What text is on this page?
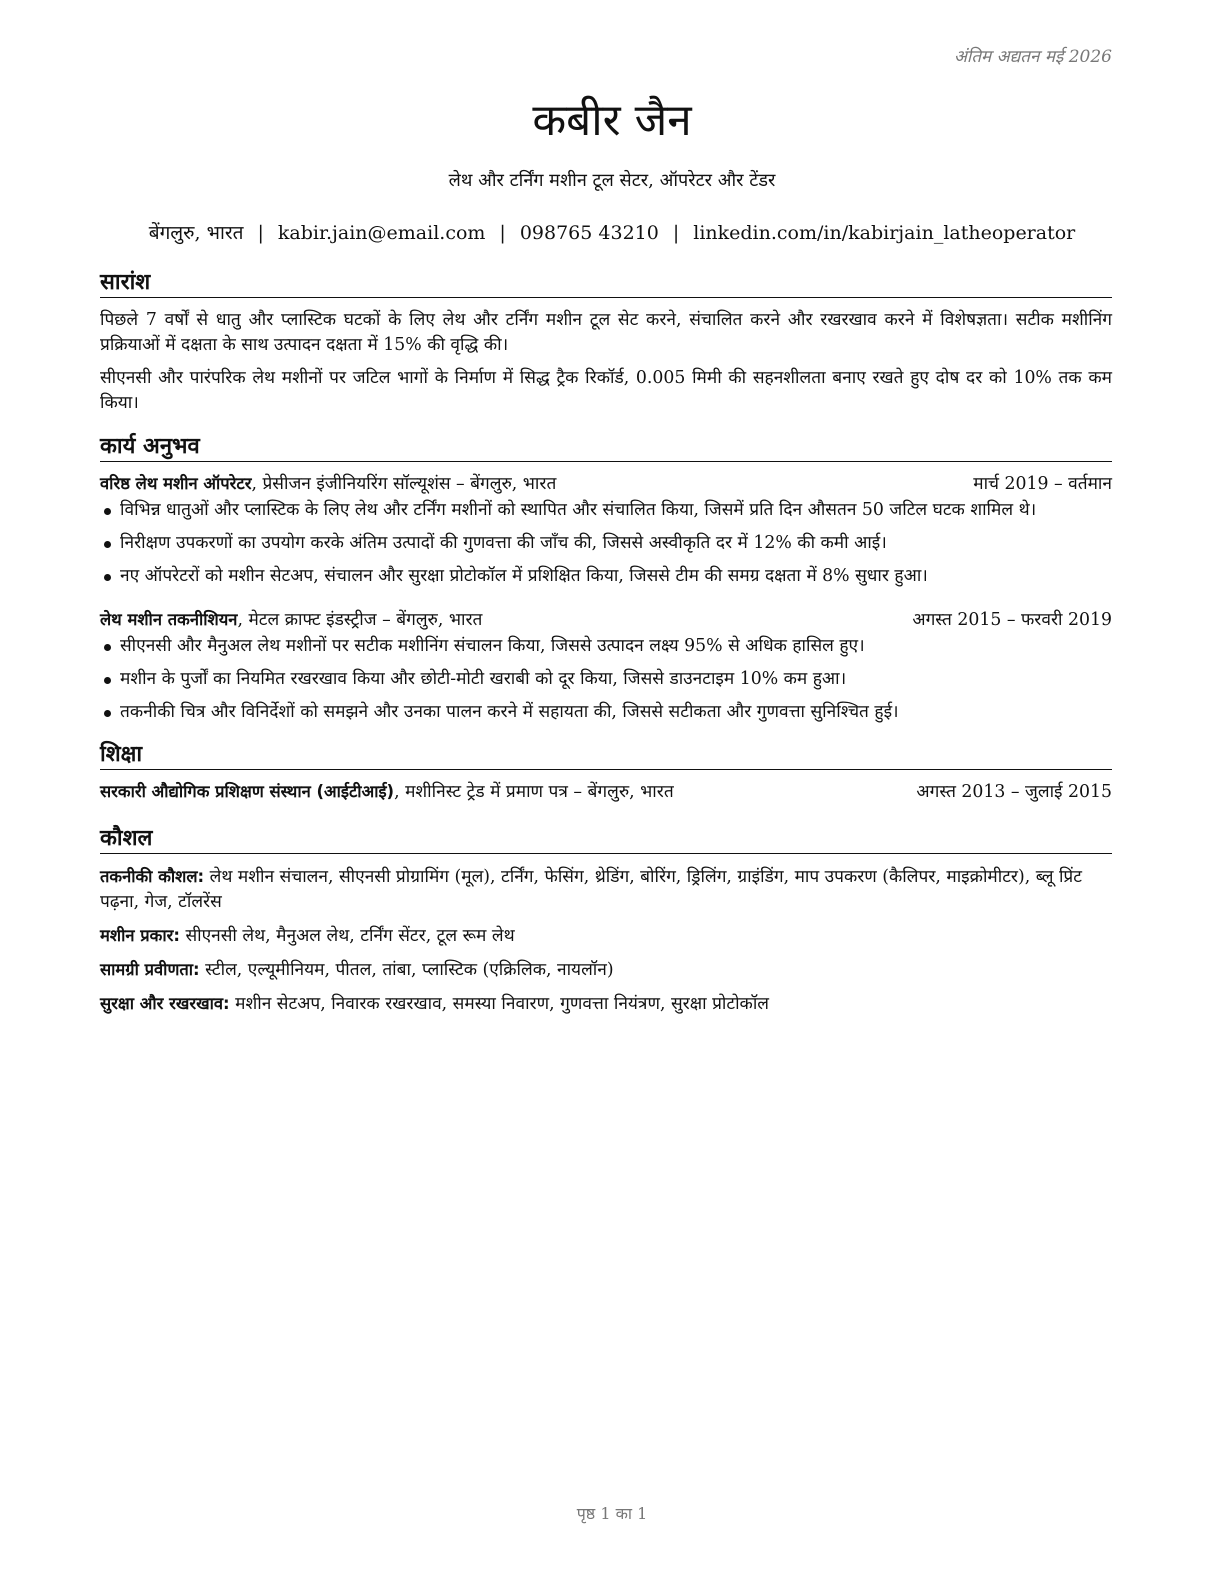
अंतिम अद्यतन मई 2026
कबीर जैन
लेथ और टर्निंग मशीन टूल सेटर, ऑपरेटर और टेंडर
बेंगलुरु, भारत | kabir.jain@email.com | 098765 43210 | linkedin.com/in/kabirjain_latheoperator
सारांश

पिछले 7 वर्षों से धातु और प्लास्टिक घटकों के लिए लेथ और टर्निंग मशीन टूल सेट करने, संचालित करने और रखरखाव करने में विशेषज्ञता। सटीक मशीनिंग प्रक्रियाओं में दक्षता के साथ उत्पादन दक्षता में 15% की वृद्धि की।

सीएनसी और पारंपरिक लेथ मशीनों पर जटिल भागों के निर्माण में सिद्ध ट्रैक रिकॉर्ड, 0.005 मिमी की सहनशीलता बनाए रखते हुए दोष दर को 10% तक कम किया।

कार्य अनुभव
वरिष्ठ लेथ मशीन ऑपरेटर, प्रेसीजन इंजीनियरिंग सॉल्यूशंस – बेंगलुरु, भारत	मार्च 2019 – वर्तमान
विभिन्न धातुओं और प्लास्टिक के लिए लेथ और टर्निंग मशीनों को स्थापित और संचालित किया, जिसमें प्रति दिन औसतन 50 जटिल घटक शामिल थे।
निरीक्षण उपकरणों का उपयोग करके अंतिम उत्पादों की गुणवत्ता की जाँच की, जिससे अस्वीकृति दर में 12% की कमी आई।
नए ऑपरेटरों को मशीन सेटअप, संचालन और सुरक्षा प्रोटोकॉल में प्रशिक्षित किया, जिससे टीम की समग्र दक्षता में 8% सुधार हुआ।
लेथ मशीन तकनीशियन, मेटल क्राफ्ट इंडस्ट्रीज – बेंगलुरु, भारत	अगस्त 2015 – फरवरी 2019
सीएनसी और मैनुअल लेथ मशीनों पर सटीक मशीनिंग संचालन किया, जिससे उत्पादन लक्ष्य 95% से अधिक हासिल हुए।
मशीन के पुर्जों का नियमित रखरखाव किया और छोटी-मोटी खराबी को दूर किया, जिससे डाउनटाइम 10% कम हुआ।
तकनीकी चित्र और विनिर्देशों को समझने और उनका पालन करने में सहायता की, जिससे सटीकता और गुणवत्ता सुनिश्चित हुई।
शिक्षा
सरकारी औद्योगिक प्रशिक्षण संस्थान (आईटीआई), मशीनिस्ट ट्रेड में प्रमाण पत्र – बेंगलुरु, भारत	अगस्त 2013 – जुलाई 2015
कौशल

तकनीकी कौशल: लेथ मशीन संचालन, सीएनसी प्रोग्रामिंग (मूल), टर्निंग, फेसिंग, थ्रेडिंग, बोरिंग, ड्रिलिंग, ग्राइंडिंग, माप उपकरण (कैलिपर, माइक्रोमीटर), ब्लू प्रिंट पढ़ना, गेज, टॉलरेंस

मशीन प्रकार: सीएनसी लेथ, मैनुअल लेथ, टर्निंग सेंटर, टूल रूम लेथ

सामग्री प्रवीणता: स्टील, एल्यूमीनियम, पीतल, तांबा, प्लास्टिक (एक्रिलिक, नायलॉन)

सुरक्षा और रखरखाव: मशीन सेटअप, निवारक रखरखाव, समस्या निवारण, गुणवत्ता नियंत्रण, सुरक्षा प्रोटोकॉल

पृष्ठ 1 का 1
